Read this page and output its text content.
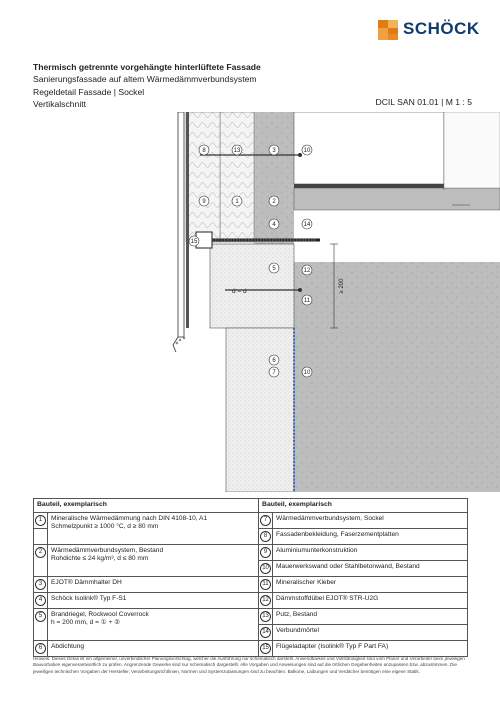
SCHÖCK
Thermisch getrennte vorgehängte hinterlüftete Fassade
Sanierungsfassade auf altem Wärmedämmverbundsystem
Regeldetail Fassade | Sockel
Vertikalschnitt	DCIL SAN 01.01 | M 1 : 5
≥ 200
d = d
8	13	3	10
9	1	2
4	14
15
5	12
11
6
7	10
Bauteil, exemplarisch		Bauteil, exemplarisch	
1	Mineralische Wärmedämmung nach DIN 4108-10, A1
Schmelzpunkt ≥ 1000 °C, d ≥ 80 mm	7	Wärmedämmverbundsystem, Sockel
		8	Fassadenbekleidung, Faserzementplatten
2	Wärmedämmverbundsystem, Bestand
Rohdichte ≤ 24 kg/m³, d ≤ 80 mm	9	Aluminiumunterkonstruktion
		10	Mauerwerkswand oder Stahlbetonwand, Bestand
3	EJOT® Dämmhalter DH	11	Mineralischer Kleber
4	Schöck Isolink® Typ F-S1	12	Dämmstoffdübel EJOT® STR-U2G
5	Brandriegel, Rockwool Coverrock
h = 200 mm, d = ① + ②	13	Putz, Bestand
		14	Verbundmörtel
6	Abdichtung	15	Flügeladapter (Isolink® Typ F Part FA)
Hinweis: Dieses Detail ist ein allgemeiner, unverbindlicher Planungsvorschlag, welcher die Ausführung nur schematisch darstellt. Anwendbarkeit und Vollständigkeit sind vom Planer und Verarbeiter beim jeweiligen Bauvorhaben eigenverantwortlich zu prüfen. Angrenzende Gewerke sind nur schematisch dargestellt. Alle Vorgaben und Anweisungen sind auf die örtlichen Gegebenheiten anzupassen bzw. abzustimmen. Die jeweiligen technischen Vorgaben der Hersteller, Verarbeitungsrichtlinien, Normen und Systemzulassungen sind zu beachten. Balkone, Laibungen und Verdächer benötigen eine eigene Statik.
